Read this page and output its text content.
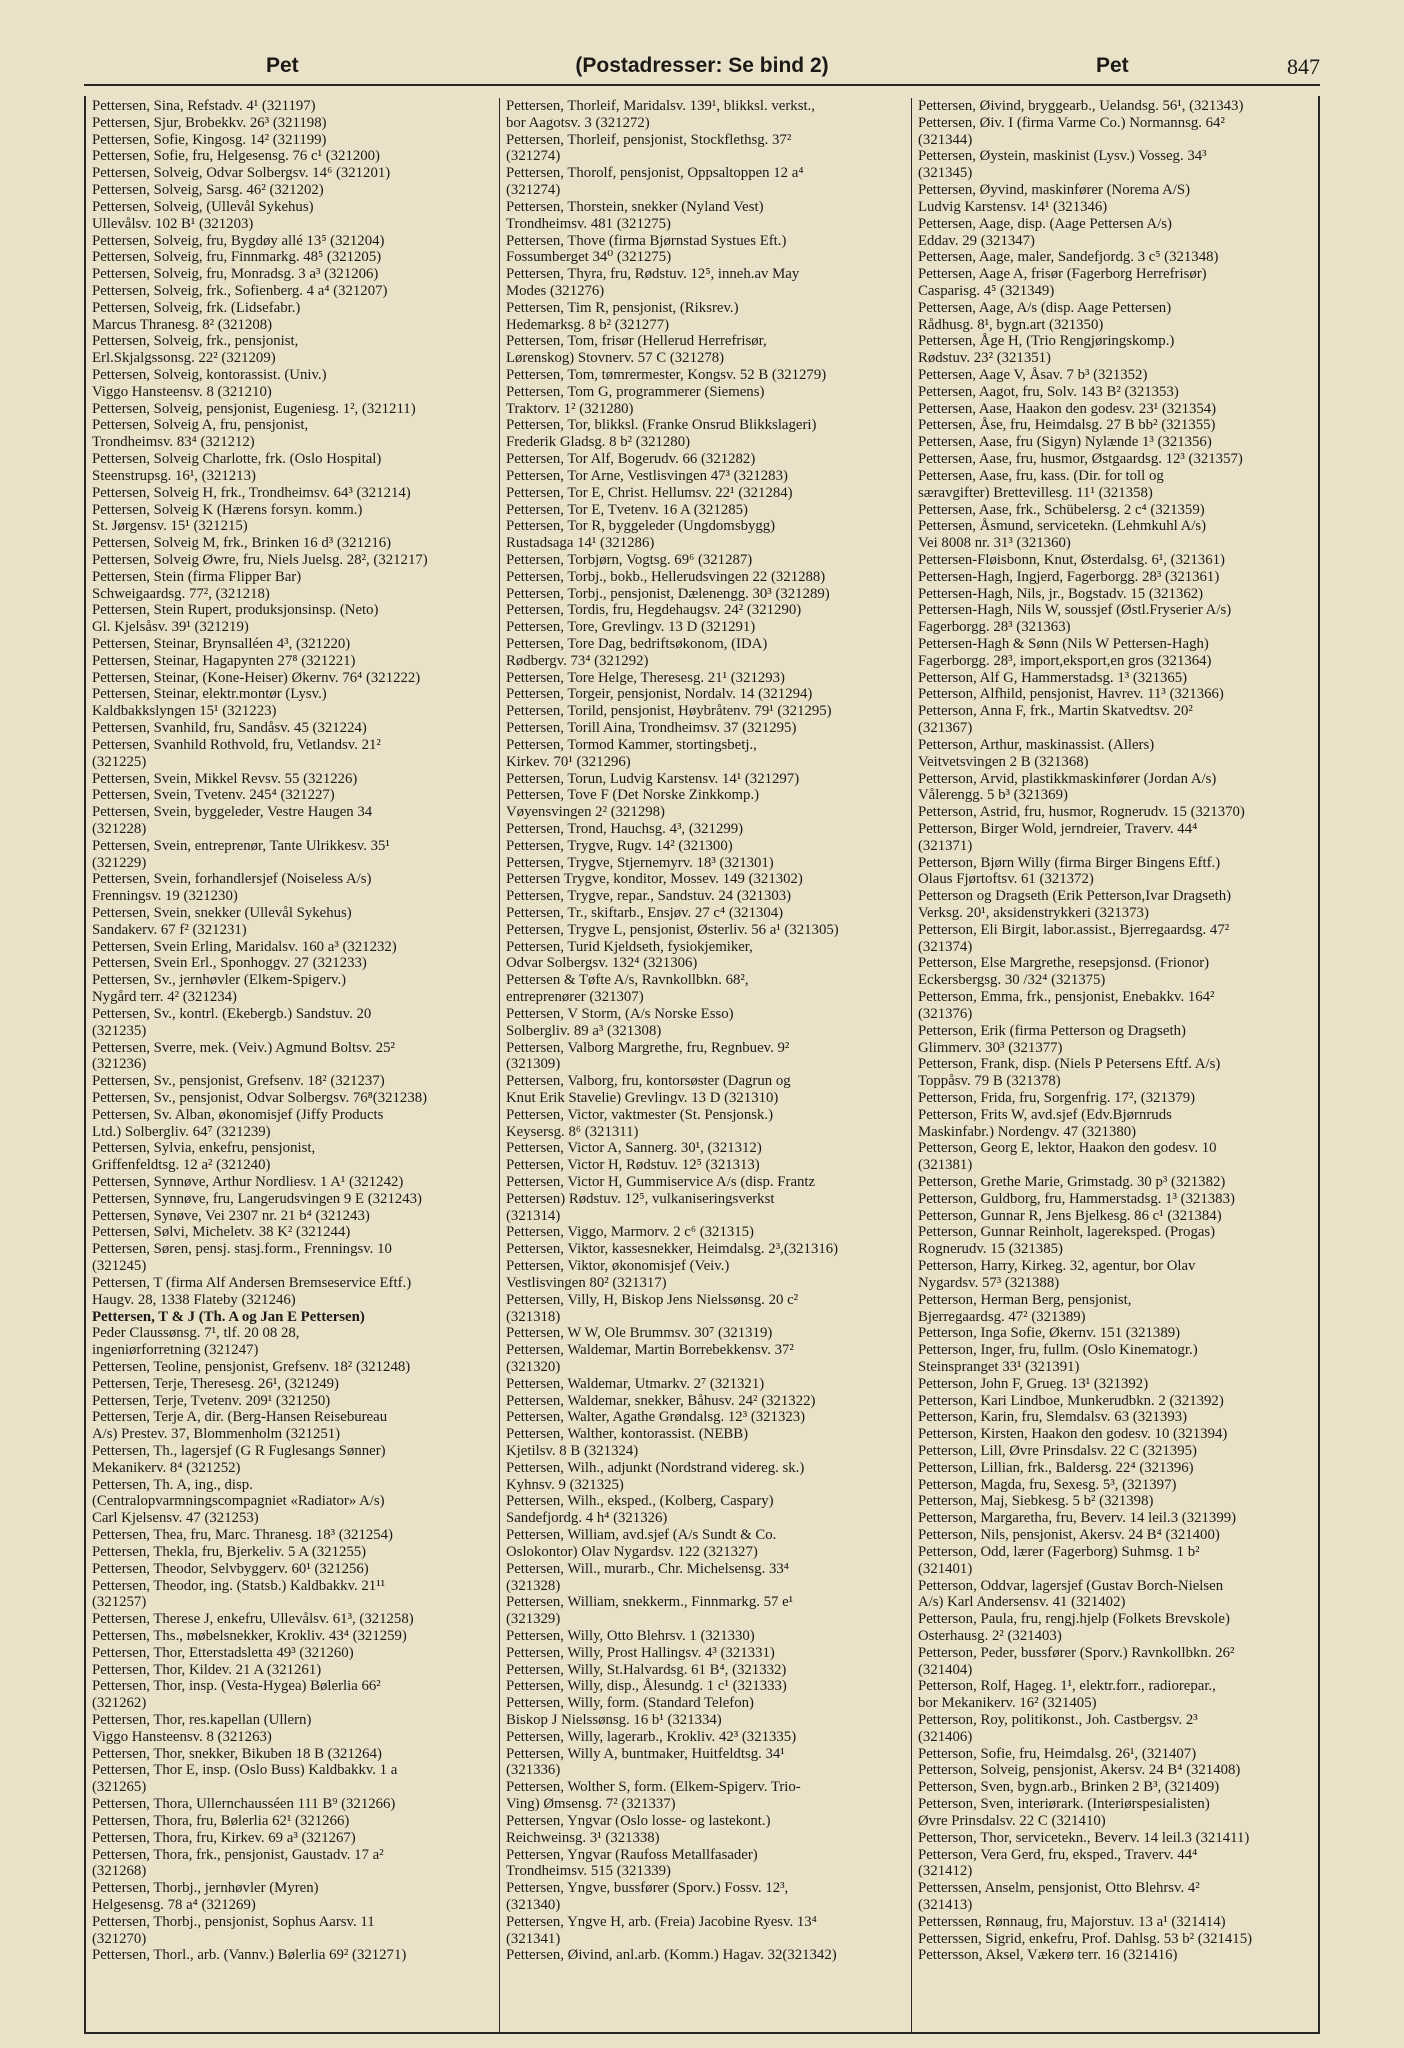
Pet	(Postadresser: Se bind 2)	Pet	847
Pettersen, Sina, Refstadv. 4¹ (321197)
Pettersen, Sjur, Brobekkv. 26³ (321198)
Pettersen, Sofie, Kingosg. 14² (321199)
Pettersen, Sofie, fru, Helgesensg. 76 c¹ (321200)
Pettersen, Solveig, Odvar Solbergsv. 14⁶ (321201)
Pettersen, Solveig, Sarsg. 46² (321202)
Pettersen, Solveig, (Ullevål Sykehus)
Ullevålsv. 102 B¹ (321203)
Pettersen, Solveig, fru, Bygdøy allé 13⁵ (321204)
Pettersen, Solveig, fru, Finnmarkg. 48⁵ (321205)
Pettersen, Solveig, fru, Monradsg. 3 a³ (321206)
Pettersen, Solveig, frk., Sofienberg. 4 a⁴ (321207)
Pettersen, Solveig, frk. (Lidsefabr.)
Marcus Thranesg. 8² (321208)
Pettersen, Solveig, frk., pensjonist,
Erl.Skjalgssonsg. 22² (321209)
Pettersen, Solveig, kontorassist. (Univ.)
Viggo Hansteensv. 8 (321210)
Pettersen, Solveig, pensjonist, Eugeniesg. 1², (321211)
Pettersen, Solveig A, fru, pensjonist,
Trondheimsv. 83⁴ (321212)
Pettersen, Solveig Charlotte, frk. (Oslo Hospital)
Steenstrupsg. 16¹, (321213)
Pettersen, Solveig H, frk., Trondheimsv. 64³ (321214)
Pettersen, Solveig K (Hærens forsyn. komm.)
St. Jørgensv. 15¹ (321215)
Pettersen, Solveig M, frk., Brinken 16 d³ (321216)
Pettersen, Solveig Øwre, fru, Niels Juelsg. 28², (321217)
Pettersen, Stein (firma Flipper Bar)
Schweigaardsg. 77², (321218)
Pettersen, Stein Rupert, produksjonsinsp. (Neto)
Gl. Kjelsåsv. 39¹ (321219)
Pettersen, Steinar, Brynsalléen 4³, (321220)
Pettersen, Steinar, Hagapynten 27⁸ (321221)
Pettersen, Steinar, (Kone-Heiser) Økernv. 76⁴ (321222)
Pettersen, Steinar, elektr.montør (Lysv.)
Kaldbakkslyngen 15¹ (321223)
Pettersen, Svanhild, fru, Sandåsv. 45 (321224)
Pettersen, Svanhild Rothvold, fru, Vetlandsv. 21²
(321225)
Pettersen, Svein, Mikkel Revsv. 55 (321226)
Pettersen, Svein, Tvetenv. 245⁴ (321227)
Pettersen, Svein, byggeleder, Vestre Haugen 34
(321228)
Pettersen, Svein, entreprenør, Tante Ulrikkesv. 35¹
(321229)
Pettersen, Svein, forhandlersjef (Noiseless A/s)
Frenningsv. 19 (321230)
Pettersen, Svein, snekker (Ullevål Sykehus)
Sandakerv. 67 f² (321231)
Pettersen, Svein Erling, Maridalsv. 160 a³ (321232)
Pettersen, Svein Erl., Sponhoggv. 27 (321233)
Pettersen, Sv., jernhøvler (Elkem-Spigerv.)
Nygård terr. 4² (321234)
Pettersen, Sv., kontrl. (Ekebergb.) Sandstuv. 20
(321235)
Pettersen, Sverre, mek. (Veiv.) Agmund Boltsv. 25²
(321236)
Pettersen, Sv., pensjonist, Grefsenv. 18² (321237)
Pettersen, Sv., pensjonist, Odvar Solbergsv. 76⁸(321238)
Pettersen, Sv. Alban, økonomisjef (Jiffy Products
Ltd.) Solbergliv. 64⁷ (321239)
Pettersen, Sylvia, enkefru, pensjonist,
Griffenfeldtsg. 12 a² (321240)
Pettersen, Synnøve, Arthur Nordliesv. 1 A¹ (321242)
Pettersen, Synnøve, fru, Langerudsvingen 9 E (321243)
Pettersen, Synøve, Vei 2307 nr. 21 b⁴ (321243)
Pettersen, Sølvi, Micheletv. 38 K² (321244)
Pettersen, Søren, pensj. stasj.form., Frenningsv. 10
(321245)
Pettersen, T (firma Alf Andersen Bremseservice Eftf.)
Haugv. 28, 1338 Flateby (321246)
Pettersen, T & J (Th. A og Jan E Pettersen)
Peder Claussønsg. 7¹, tlf. 20 08 28,
ingeniørforretning (321247)
Pettersen, Teoline, pensjonist, Grefsenv. 18² (321248)
Pettersen, Terje, Theresesg. 26¹, (321249)
Pettersen, Terje, Tvetenv. 209¹ (321250)
Pettersen, Terje A, dir. (Berg-Hansen Reisebureau
A/s) Prestev. 37, Blommenholm (321251)
Pettersen, Th., lagersjef (G R Fuglesangs Sønner)
Mekanikerv. 8⁴ (321252)
Pettersen, Th. A, ing., disp.
(Centralopvarmningscompagniet «Radiator» A/s)
Carl Kjelsensv. 47 (321253)
Pettersen, Thea, fru, Marc. Thranesg. 18³ (321254)
Pettersen, Thekla, fru, Bjerkeliv. 5 A (321255)
Pettersen, Theodor, Selvbyggerv. 60¹ (321256)
Pettersen, Theodor, ing. (Statsb.) Kaldbakkv. 21¹¹
(321257)
Pettersen, Therese J, enkefru, Ullevålsv. 61³, (321258)
Pettersen, Ths., møbelsnekker, Krokliv. 43⁴ (321259)
Pettersen, Thor, Etterstadsletta 49³ (321260)
Pettersen, Thor, Kildev. 21 A (321261)
Pettersen, Thor, insp. (Vesta-Hygea) Bølerlia 66²
(321262)
Pettersen, Thor, res.kapellan (Ullern)
Viggo Hansteensv. 8 (321263)
Pettersen, Thor, snekker, Bikuben 18 B (321264)
Pettersen, Thor E, insp. (Oslo Buss) Kaldbakkv. 1 a
(321265)
Pettersen, Thora, Ullernchausséen 111 B⁹ (321266)
Pettersen, Thora, fru, Bølerlia 62¹ (321266)
Pettersen, Thora, fru, Kirkev. 69 a³ (321267)
Pettersen, Thora, frk., pensjonist, Gaustadv. 17 a²
(321268)
Pettersen, Thorbj., jernhøvler (Myren)
Helgesensg. 78 a⁴ (321269)
Pettersen, Thorbj., pensjonist, Sophus Aarsv. 11
(321270)
Pettersen, Thorl., arb. (Vannv.) Bølerlia 69² (321271)
Pettersen, Thorleif, Maridalsv. 139¹, blikksl. verkst.,
bor Aagotsv. 3 (321272)
Pettersen, Thorleif, pensjonist, Stockflethsg. 37²
(321274)
Pettersen, Thorolf, pensjonist, Oppsaltoppen 12 a⁴
(321274)
Pettersen, Thorstein, snekker (Nyland Vest)
Trondheimsv. 481 (321275)
Pettersen, Thove (firma Bjørnstad Systues Eft.)
Fossumberget 34⁰ (321275)
Pettersen, Thyra, fru, Rødstuv. 12⁵, inneh.av May
Modes (321276)
Pettersen, Tim R, pensjonist, (Riksrev.)
Hedemarksg. 8 b² (321277)
Pettersen, Tom, frisør (Hellerud Herrefrisør,
Lørenskog) Stovnerv. 57 C (321278)
Pettersen, Tom, tømrermester, Kongsv. 52 B (321279)
Pettersen, Tom G, programmerer (Siemens)
Traktorv. 1² (321280)
Pettersen, Tor, blikksl. (Franke Onsrud Blikkslageri)
Frederik Gladsg. 8 b² (321280)
Pettersen, Tor Alf, Bogerudv. 66 (321282)
Pettersen, Tor Arne, Vestlisvingen 47³ (321283)
Pettersen, Tor E, Christ. Hellumsv. 22¹ (321284)
Pettersen, Tor E, Tvetenv. 16 A (321285)
Pettersen, Tor R, byggeleder (Ungdomsbygg)
Rustadsaga 14¹ (321286)
Pettersen, Torbjørn, Vogtsg. 69⁶ (321287)
Pettersen, Torbj., bokb., Hellerudsvingen 22 (321288)
Pettersen, Torbj., pensjonist, Dælenengg. 30³ (321289)
Pettersen, Tordis, fru, Hegdehaugsv. 24² (321290)
Pettersen, Tore, Grevlingv. 13 D (321291)
Pettersen, Tore Dag, bedriftsøkonom, (IDA)
Rødbergv. 73⁴ (321292)
Pettersen, Tore Helge, Theresesg. 21¹ (321293)
Pettersen, Torgeir, pensjonist, Nordalv. 14 (321294)
Pettersen, Torild, pensjonist, Høybråtenv. 79¹ (321295)
Pettersen, Torill Aina, Trondheimsv. 37 (321295)
Pettersen, Tormod Kammer, stortingsbetj.,
Kirkev. 70¹ (321296)
Pettersen, Torun, Ludvig Karstensv. 14¹ (321297)
Pettersen, Tove F (Det Norske Zinkkomp.)
Vøyensvingen 2² (321298)
Pettersen, Trond, Hauchsg. 4³, (321299)
Pettersen, Trygve, Rugv. 14² (321300)
Pettersen, Trygve, Stjernemyrv. 18³ (321301)
Pettersen Trygve, konditor, Mossev. 149 (321302)
Pettersen, Trygve, repar., Sandstuv. 24 (321303)
Pettersen, Tr., skiftarb., Ensjøv. 27 c⁴ (321304)
Pettersen, Trygve L, pensjonist, Østerliv. 56 a¹ (321305)
Pettersen, Turid Kjeldseth, fysiokjemiker,
Odvar Solbergsv. 132⁴ (321306)
Pettersen & Tøfte A/s, Ravnkollbkn. 68²,
entreprenører (321307)
Pettersen, V Storm, (A/s Norske Esso)
Solbergliv. 89 a³ (321308)
Pettersen, Valborg Margrethe, fru, Regnbuev. 9²
(321309)
Pettersen, Valborg, fru, kontorsøster (Dagrun og
Knut Erik Stavelie) Grevlingv. 13 D (321310)
Pettersen, Victor, vaktmester (St. Pensjonsk.)
Keysersg. 8⁶ (321311)
Pettersen, Victor A, Sannerg. 30¹, (321312)
Pettersen, Victor H, Rødstuv. 12⁵ (321313)
Pettersen, Victor H, Gummiservice A/s (disp. Frantz
Pettersen) Rødstuv. 12⁵, vulkaniseringsverkst
(321314)
Pettersen, Viggo, Marmorv. 2 c⁶ (321315)
Pettersen, Viktor, kassesnekker, Heimdalsg. 2³,(321316)
Pettersen, Viktor, økonomisjef (Veiv.)
Vestlisvingen 80² (321317)
Pettersen, Villy, H, Biskop Jens Nielssønsg. 20 c²
(321318)
Pettersen, W W, Ole Brummsv. 30⁷ (321319)
Pettersen, Waldemar, Martin Borrebekkensv. 37²
(321320)
Pettersen, Waldemar, Utmarkv. 2⁷ (321321)
Pettersen, Waldemar, snekker, Båhusv. 24² (321322)
Pettersen, Walter, Agathe Grøndalsg. 12³ (321323)
Pettersen, Walther, kontorassist. (NEBB)
Kjetilsv. 8 B (321324)
Pettersen, Wilh., adjunkt (Nordstrand videreg. sk.)
Kyhnsv. 9 (321325)
Pettersen, Wilh., eksped., (Kolberg, Caspary)
Sandefjordg. 4 h⁴ (321326)
Pettersen, William, avd.sjef (A/s Sundt & Co.
Oslokontor) Olav Nygardsv. 122 (321327)
Pettersen, Will., murarb., Chr. Michelsensg. 33⁴
(321328)
Pettersen, William, snekkerm., Finnmarkg. 57 e¹
(321329)
Pettersen, Willy, Otto Blehrsv. 1 (321330)
Pettersen, Willy, Prost Hallingsv. 4³ (321331)
Pettersen, Willy, St.Halvardsg. 61 B⁴, (321332)
Pettersen, Willy, disp., Ålesundg. 1 c¹ (321333)
Pettersen, Willy, form. (Standard Telefon)
Biskop J Nielssønsg. 16 b¹ (321334)
Pettersen, Willy, lagerarb., Krokliv. 42³ (321335)
Pettersen, Willy A, buntmaker, Huitfeldtsg. 34¹
(321336)
Pettersen, Wolther S, form. (Elkem-Spigerv. Trio-
Ving) Ømsensg. 7² (321337)
Pettersen, Yngvar (Oslo losse- og lastekont.)
Reichweinsg. 3¹ (321338)
Pettersen, Yngvar (Raufoss Metallfasader)
Trondheimsv. 515 (321339)
Pettersen, Yngve, bussfører (Sporv.) Fossv. 12³,
(321340)
Pettersen, Yngve H, arb. (Freia) Jacobine Ryesv. 13⁴
(321341)
Pettersen, Øivind, anl.arb. (Komm.) Hagav. 32(321342)
Pettersen, Øivind, bryggearb., Uelandsg. 56¹, (321343)
Pettersen, Øiv. I (firma Varme Co.) Normannsg. 64²
(321344)
Pettersen, Øystein, maskinist (Lysv.) Vosseg. 34³
(321345)
Pettersen, Øyvind, maskinfører (Norema A/S)
Ludvig Karstensv. 14¹ (321346)
Pettersen, Aage, disp. (Aage Pettersen A/s)
Eddav. 29 (321347)
Pettersen, Aage, maler, Sandefjordg. 3 c⁵ (321348)
Pettersen, Aage A, frisør (Fagerborg Herrefrisør)
Casparisg. 4⁵ (321349)
Pettersen, Aage, A/s (disp. Aage Pettersen)
Rådhusg. 8¹, bygn.art (321350)
Pettersen, Åge H, (Trio Rengjøringskomp.)
Rødstuv. 23² (321351)
Pettersen, Aage V, Åsav. 7 b³ (321352)
Pettersen, Aagot, fru, Solv. 143 B² (321353)
Pettersen, Aase, Haakon den godesv. 23¹ (321354)
Pettersen, Åse, fru, Heimdalsg. 27 B bb² (321355)
Pettersen, Aase, fru (Sigyn) Nylænde 1³ (321356)
Pettersen, Aase, fru, husmor, Østgaardsg. 12³ (321357)
Pettersen, Aase, fru, kass. (Dir. for toll og
særavgifter) Brettevillesg. 11¹ (321358)
Pettersen, Aase, frk., Schübelersg. 2 c⁴ (321359)
Pettersen, Åsmund, servicetekn. (Lehmkuhl A/s)
Vei 8008 nr. 31³ (321360)
Pettersen-Fløisbonn, Knut, Østerdalsg. 6¹, (321361)
Pettersen-Hagh, Ingjerd, Fagerborgg. 28³ (321361)
Pettersen-Hagh, Nils, jr., Bogstadv. 15 (321362)
Pettersen-Hagh, Nils W, soussjef (Østl.Fryserier A/s)
Fagerborgg. 28³ (321363)
Pettersen-Hagh & Sønn (Nils W Pettersen-Hagh)
Fagerborgg. 28³, import,eksport,en gros (321364)
Petterson, Alf G, Hammerstadsg. 1³ (321365)
Petterson, Alfhild, pensjonist, Havrev. 11³ (321366)
Petterson, Anna F, frk., Martin Skatvedtsv. 20²
(321367)
Petterson, Arthur, maskinassist. (Allers)
Veitvetsvingen 2 B (321368)
Petterson, Arvid, plastikkmaskinfører (Jordan A/s)
Vålerengg. 5 b³ (321369)
Petterson, Astrid, fru, husmor, Rognerudv. 15 (321370)
Petterson, Birger Wold, jerndreier, Traverv. 44⁴
(321371)
Petterson, Bjørn Willy (firma Birger Bingens Eftf.)
Olaus Fjørtoftsv. 61 (321372)
Petterson og Dragseth (Erik Petterson,Ivar Dragseth)
Verksg. 20¹, aksidenstrykkeri (321373)
Petterson, Eli Birgit, labor.assist., Bjerregaardsg. 47²
(321374)
Petterson, Else Margrethe, resepsjonsd. (Frionor)
Eckersbergsg. 30 /32⁴ (321375)
Petterson, Emma, frk., pensjonist, Enebakkv. 164²
(321376)
Petterson, Erik (firma Petterson og Dragseth)
Glimmerv. 30³ (321377)
Petterson, Frank, disp. (Niels P Petersens Eftf. A/s)
Toppåsv. 79 B (321378)
Petterson, Frida, fru, Sorgenfrig. 17², (321379)
Petterson, Frits W, avd.sjef (Edv.Bjørnruds
Maskinfabr.) Nordengv. 47 (321380)
Petterson, Georg E, lektor, Haakon den godesv. 10
(321381)
Petterson, Grethe Marie, Grimstadg. 30 p³ (321382)
Petterson, Guldborg, fru, Hammerstadsg. 1³ (321383)
Petterson, Gunnar R, Jens Bjelkesg. 86 c¹ (321384)
Petterson, Gunnar Reinholt, lagereksped. (Progas)
Rognerudv. 15 (321385)
Petterson, Harry, Kirkeg. 32, agentur, bor Olav
Nygardsv. 57³ (321388)
Petterson, Herman Berg, pensjonist,
Bjerregaardsg. 47² (321389)
Petterson, Inga Sofie, Økernv. 151 (321389)
Petterson, Inger, fru, fullm. (Oslo Kinematogr.)
Steinspranget 33¹ (321391)
Petterson, John F, Grueg. 13¹ (321392)
Petterson, Kari Lindboe, Munkerudbkn. 2 (321392)
Petterson, Karin, fru, Slemdalsv. 63 (321393)
Petterson, Kirsten, Haakon den godesv. 10 (321394)
Petterson, Lill, Øvre Prinsdalsv. 22 C (321395)
Petterson, Lillian, frk., Baldersg. 22⁴ (321396)
Petterson, Magda, fru, Sexesg. 5³, (321397)
Petterson, Maj, Siebkesg. 5 b² (321398)
Petterson, Margaretha, fru, Beverv. 14 leil.3 (321399)
Petterson, Nils, pensjonist, Akersv. 24 B⁴ (321400)
Petterson, Odd, lærer (Fagerborg) Suhmsg. 1 b²
(321401)
Petterson, Oddvar, lagersjef (Gustav Borch-Nielsen
A/s) Karl Andersensv. 41 (321402)
Petterson, Paula, fru, rengj.hjelp (Folkets Brevskole)
Osterhausg. 2² (321403)
Petterson, Peder, bussfører (Sporv.) Ravnkollbkn. 26²
(321404)
Petterson, Rolf, Hageg. 1¹, elektr.forr., radiorepar.,
bor Mekanikerv. 16² (321405)
Petterson, Roy, politikonst., Joh. Castbergsv. 2³
(321406)
Petterson, Sofie, fru, Heimdalsg. 26¹, (321407)
Petterson, Solveig, pensjonist, Akersv. 24 B⁴ (321408)
Petterson, Sven, bygn.arb., Brinken 2 B³, (321409)
Petterson, Sven, interiørark. (Interiørspesialisten)
Øvre Prinsdalsv. 22 C (321410)
Petterson, Thor, servicetekn., Beverv. 14 leil.3 (321411)
Petterson, Vera Gerd, fru, eksped., Traverv. 44⁴
(321412)
Petterssen, Anselm, pensjonist, Otto Blehrsv. 4²
(321413)
Petterssen, Rønnaug, fru, Majorstuv. 13 a¹ (321414)
Petterssen, Sigrid, enkefru, Prof. Dahlsg. 53 b² (321415)
Pettersson, Aksel, Vækerø terr. 16 (321416)
